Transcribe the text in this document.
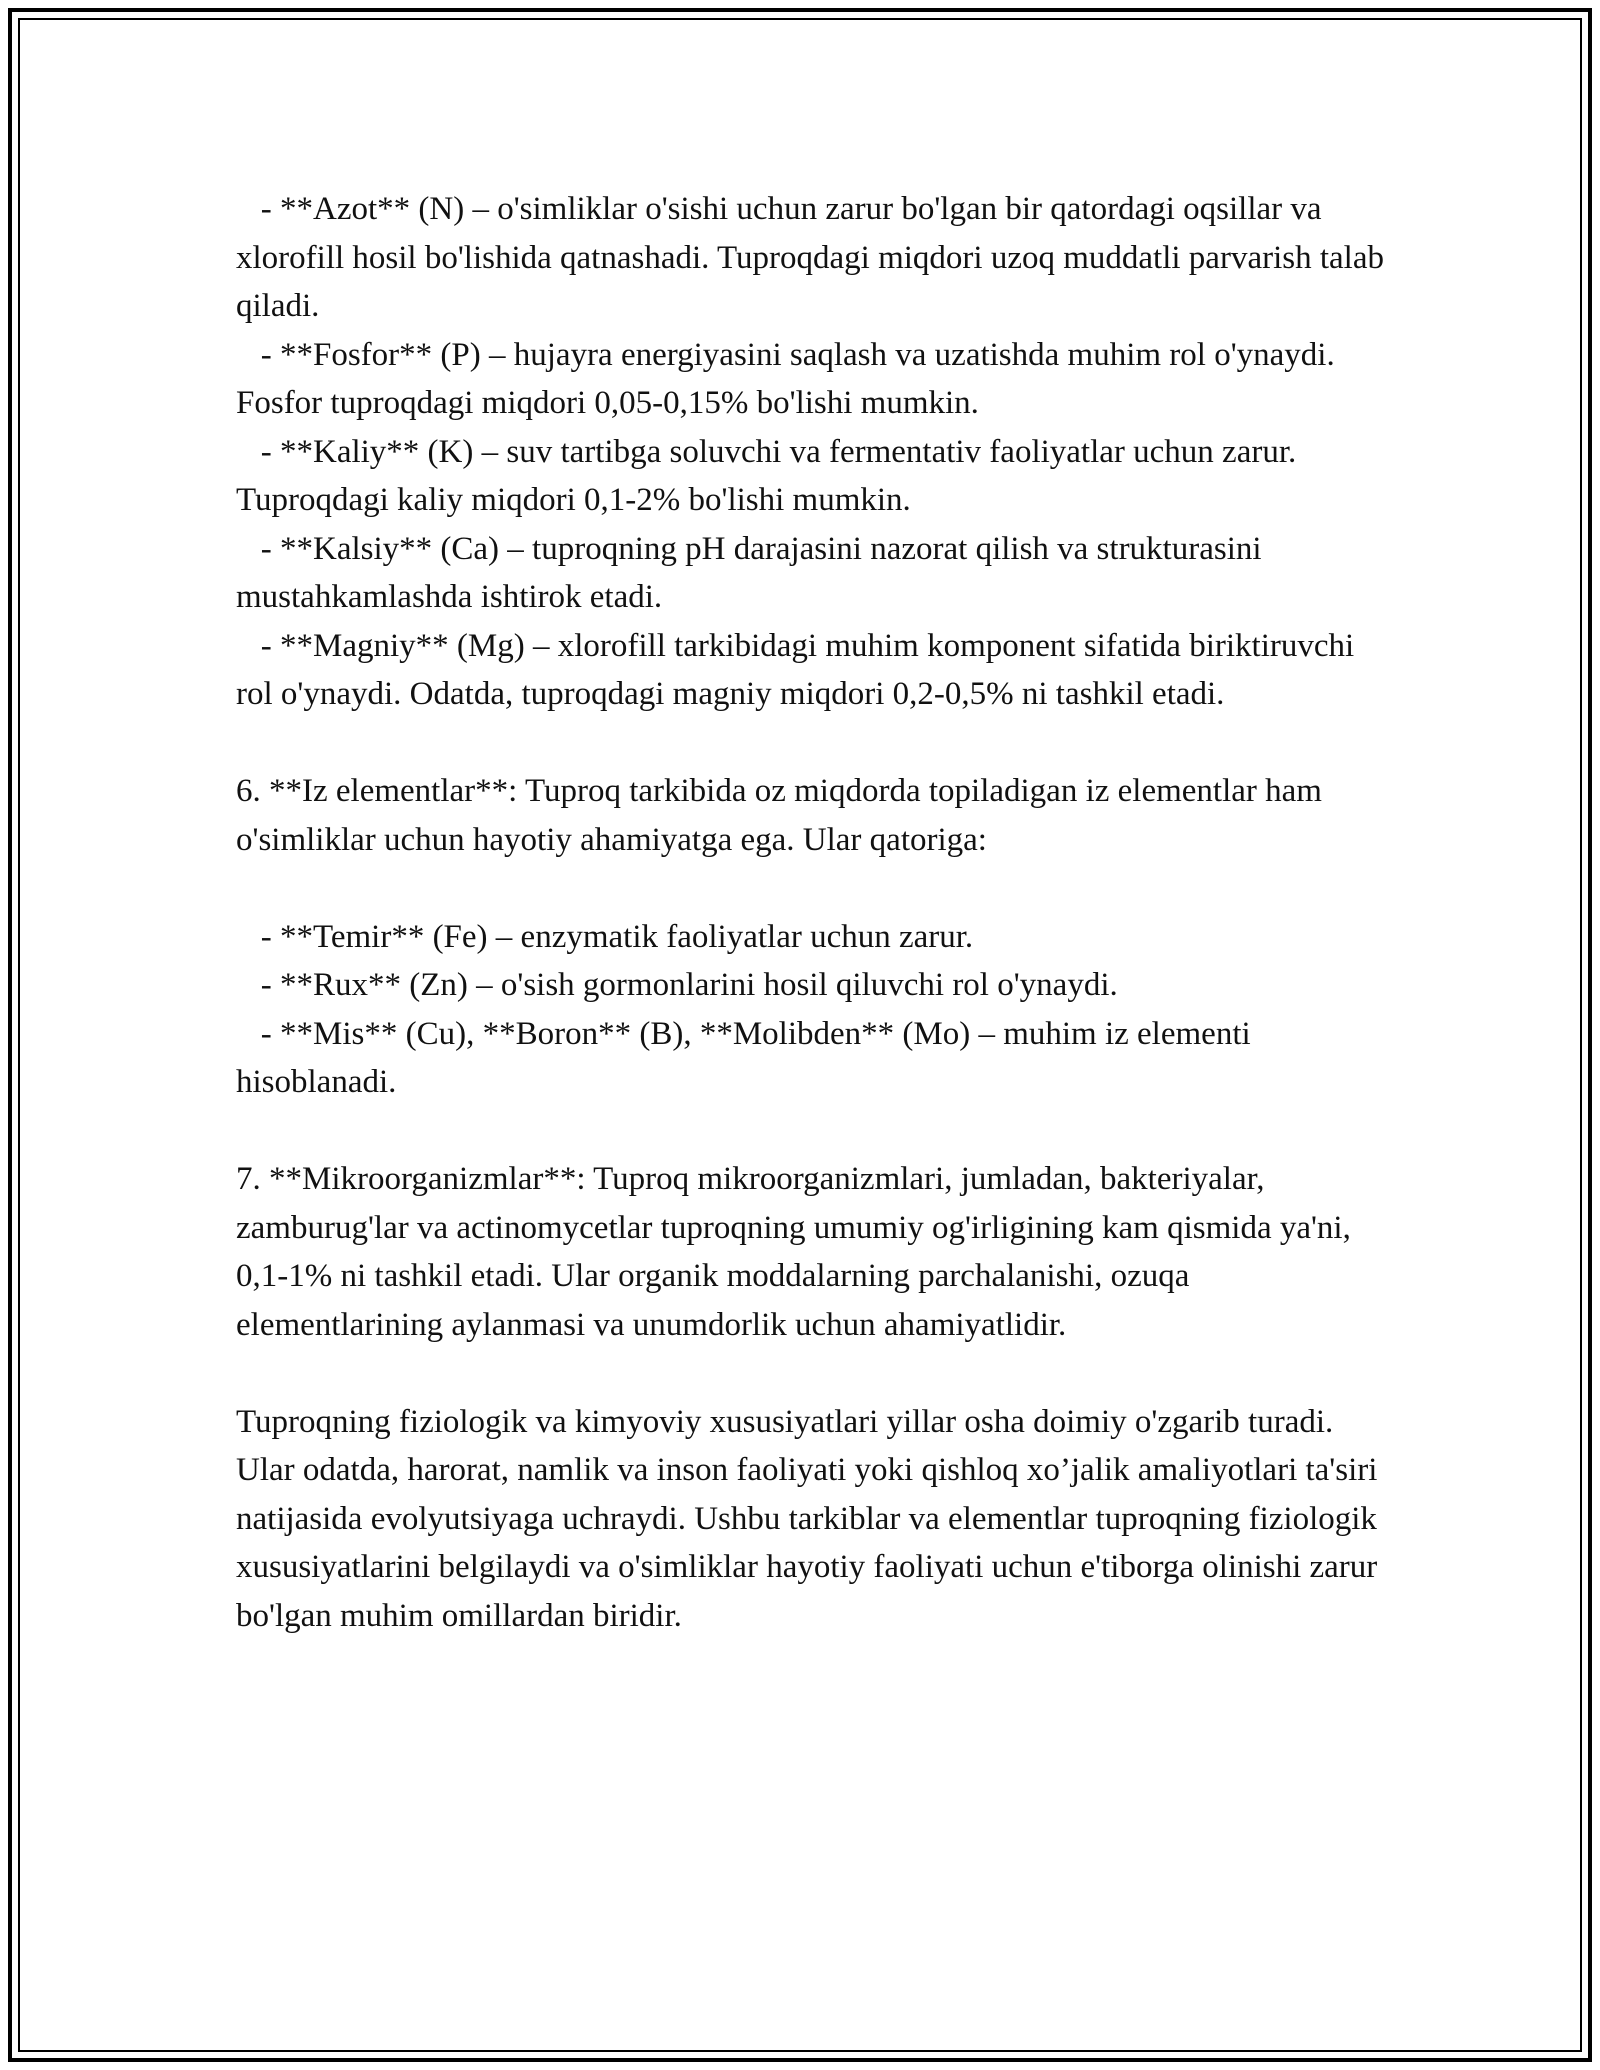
- **Azot** (N) – o'simliklar o'sishi uchun zarur bo'lgan bir qatordagi oqsillar va xlorofill hosil bo'lishida qatnashadi. Tuproqdagi miqdori uzoq muddatli parvarish talab qiladi.

- **Fosfor** (P) – hujayra energiyasini saqlash va uzatishda muhim rol o'ynaydi. Fosfor tuproqdagi miqdori 0,05-0,15% bo'lishi mumkin.

- **Kaliy** (K) – suv tartibga soluvchi va fermentativ faoliyatlar uchun zarur. Tuproqdagi kaliy miqdori 0,1-2% bo'lishi mumkin.

- **Kalsiy** (Ca) – tuproqning pH darajasini nazorat qilish va strukturasini mustahkamlashda ishtirok etadi.

- **Magniy** (Mg) – xlorofill tarkibidagi muhim komponent sifatida biriktiruvchi rol o'ynaydi. Odatda, tuproqdagi magniy miqdori 0,2-0,5% ni tashkil etadi.

6. **Iz elementlar**: Tuproq tarkibida oz miqdorda topiladigan iz elementlar ham o'simliklar uchun hayotiy ahamiyatga ega. Ular qatoriga:

- **Temir** (Fe) – enzymatik faoliyatlar uchun zarur.

- **Rux** (Zn) – o'sish gormonlarini hosil qiluvchi rol o'ynaydi.

- **Mis** (Cu), **Boron** (B), **Molibden** (Mo) – muhim iz elementi hisoblanadi.

7. **Mikroorganizmlar**: Tuproq mikroorganizmlari, jumladan, bakteriyalar, zamburug'lar va actinomycetlar tuproqning umumiy og'irligining kam qismida ya'ni, 0,1-1% ni tashkil etadi. Ular organik moddalarning parchalanishi, ozuqa elementlarining aylanmasi va unumdorlik uchun ahamiyatlidir.

Tuproqning fiziologik va kimyoviy xususiyatlari yillar osha doimiy o'zgarib turadi. Ular odatda, harorat, namlik va inson faoliyati yoki qishloq xo’jalik amaliyotlari ta'siri natijasida evolyutsiyaga uchraydi. Ushbu tarkiblar va elementlar tuproqning fiziologik xususiyatlarini belgilaydi va o'simliklar hayotiy faoliyati uchun e'tiborga olinishi zarur bo'lgan muhim omillardan biridir.
